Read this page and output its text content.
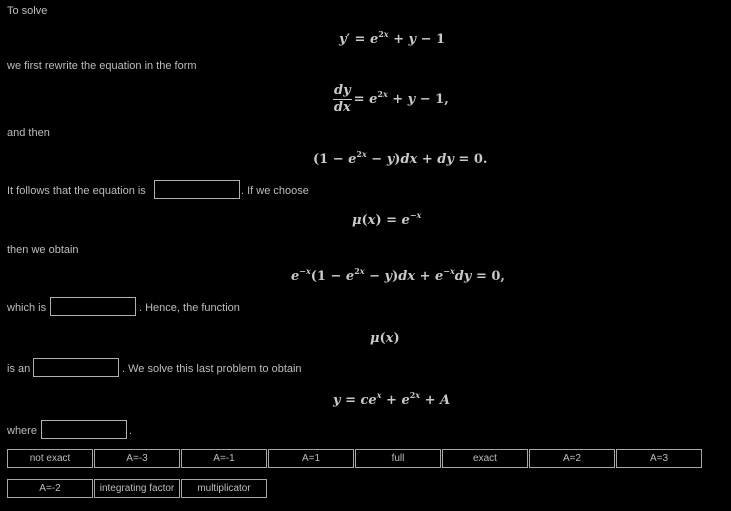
To solve
$y' = e^{2x} + y - 1$
we first rewrite the equation in the form
$\frac{dy}{dx} = e^{2x} + y - 1$,
and then
$(1 - e^{2x} - y)dx$ + dy = 0.
It follows that the equation is	. If we choose
$\mu(x) = e^{-x}$
then we obtain
$e^{-x}(1 - e^{2x} - y)dx + e^{-x}dy = 0$,
which is	. Hence, the function
μ(x)
is an	. We solve this last problem to obtain
$y = ce^x + e^{2x} + A$
where	.
not exact	A=-3	A=-1	A=1	full	exact	A=2	A=3
A=-2	integrating factor	multiplicator
